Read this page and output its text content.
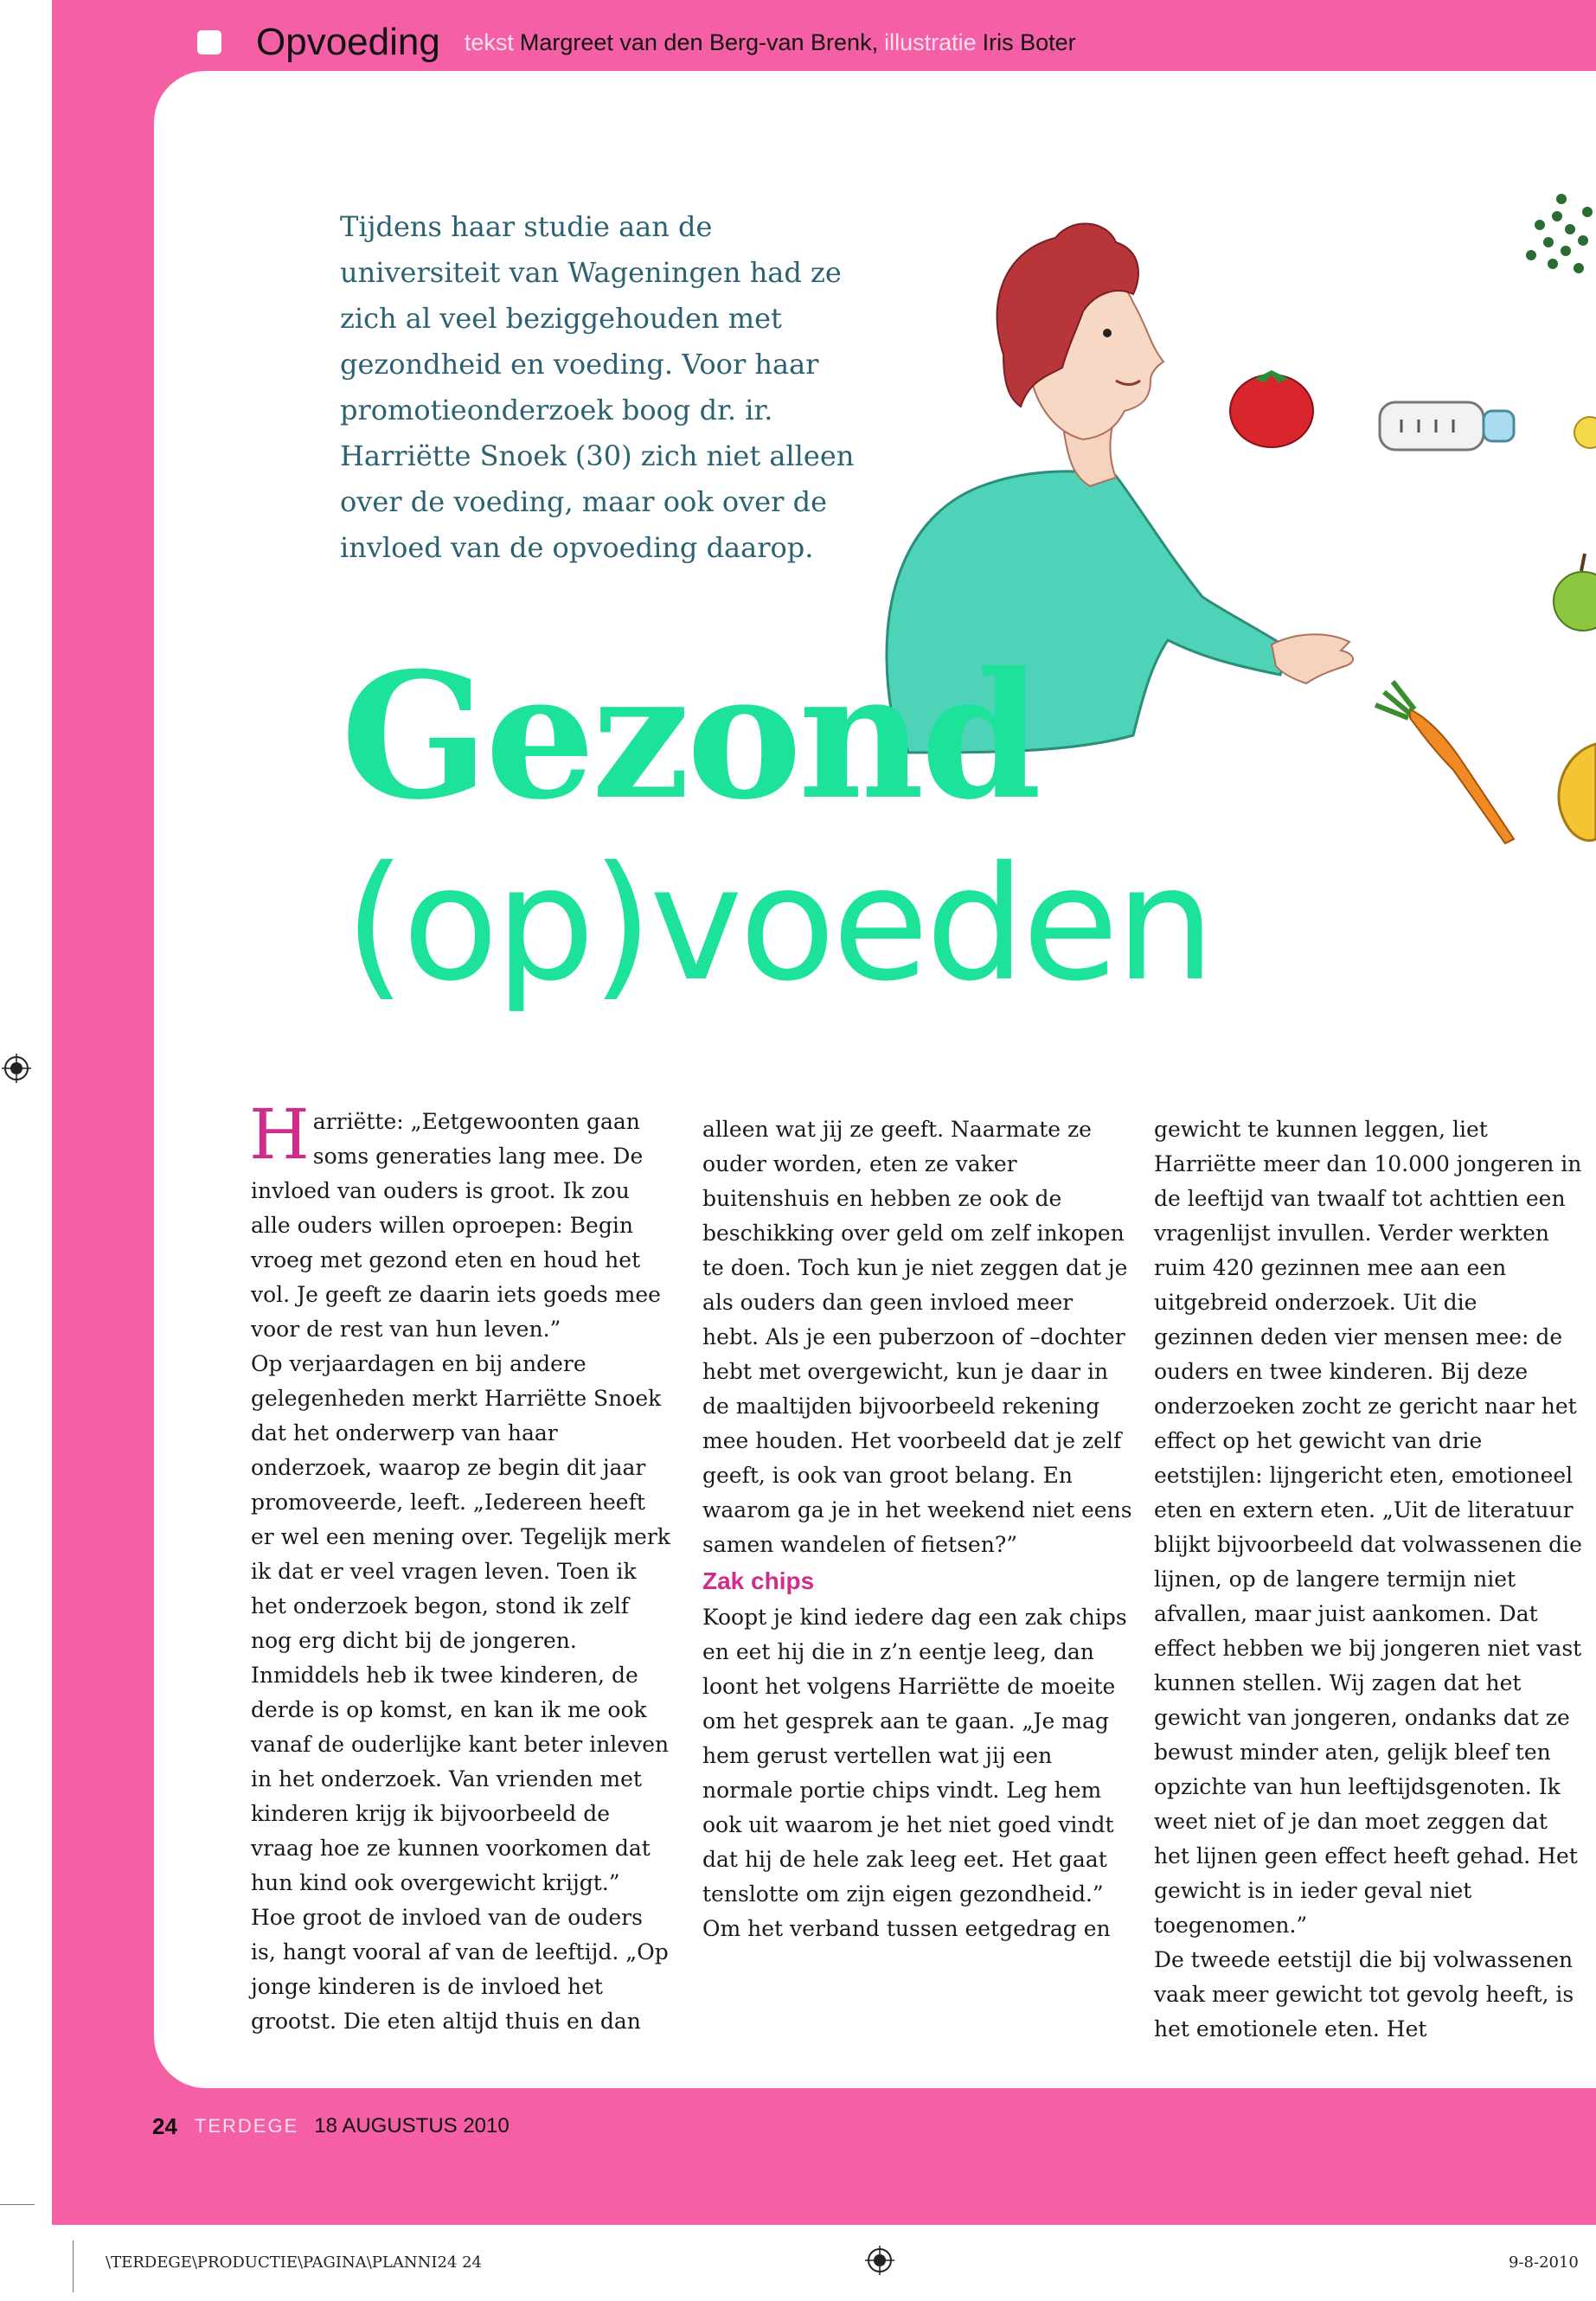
Opvoeding tekst Margreet van den Berg-van Brenk, illustratie Iris Boter
Tijdens haar studie aan de universiteit van Wageningen had ze zich al veel beziggehouden met gezondheid en voeding. Voor haar promotieonderzoek boog dr. ir. Harriëtte Snoek (30) zich niet alleen over de voeding, maar ook over de invloed van de opvoeding daarop.
Gezond
(op)voeden

Harriëtte: „Eetgewoonten gaan soms generaties lang mee. De invloed van ouders is groot. Ik zou alle ouders willen oproepen: Begin vroeg met gezond eten en houd het vol. Je geeft ze daarin iets goeds mee voor de rest van hun leven.”

Op verjaardagen en bij andere gelegenheden merkt Harriëtte Snoek dat het onderwerp van haar onderzoek, waarop ze begin dit jaar promoveerde, leeft. „Iedereen heeft er wel een mening over. Tegelijk merk ik dat er veel vragen leven. Toen ik het onderzoek begon, stond ik zelf nog erg dicht bij de jongeren. Inmiddels heb ik twee kinderen, de derde is op komst, en kan ik me ook vanaf de ouderlijke kant beter inleven in het onderzoek. Van vrienden met kinderen krijg ik bijvoorbeeld de vraag hoe ze kunnen voorkomen dat hun kind ook overgewicht krijgt.”

Hoe groot de invloed van de ouders is, hangt vooral af van de leeftijd. „Op jonge kinderen is de invloed het grootst. Die eten altijd thuis en dan

alleen wat jij ze geeft. Naarmate ze ouder worden, eten ze vaker buitenshuis en hebben ze ook de beschikking over geld om zelf inkopen te doen. Toch kun je niet zeggen dat je als ouders dan geen invloed meer hebt. Als je een puberzoon of –dochter hebt met overgewicht, kun je daar in de maaltijden bijvoorbeeld rekening mee houden. Het voorbeeld dat je zelf geeft, is ook van groot belang. En waarom ga je in het weekend niet eens samen wandelen of fietsen?”

Zak chips

Koopt je kind iedere dag een zak chips en eet hij die in z’n eentje leeg, dan loont het volgens Harriëtte de moeite om het gesprek aan te gaan. „Je mag hem gerust vertellen wat jij een normale portie chips vindt. Leg hem ook uit waarom je het niet goed vindt dat hij de hele zak leeg eet. Het gaat tenslotte om zijn eigen gezondheid.”

Om het verband tussen eetgedrag en

gewicht te kunnen leggen, liet Harriëtte meer dan 10.000 jongeren in de leeftijd van twaalf tot achttien een vragenlijst invullen. Verder werkten ruim 420 gezinnen mee aan een uitgebreid onderzoek. Uit die gezinnen deden vier mensen mee: de ouders en twee kinderen. Bij deze onderzoeken zocht ze gericht naar het effect op het gewicht van drie eetstijlen: lijngericht eten, emotioneel eten en extern eten. „Uit de literatuur blijkt bijvoorbeeld dat volwassenen die lijnen, op de langere termijn niet afvallen, maar juist aankomen. Dat effect hebben we bij jongeren niet vast kunnen stellen. Wij zagen dat het gewicht van jongeren, ondanks dat ze bewust minder aten, gelijk bleef ten opzichte van hun leeftijdsgenoten. Ik weet niet of je dan moet zeggen dat het lijnen geen effect heeft gehad. Het gewicht is in ieder geval niet toegenomen.”

De tweede eetstijl die bij volwassenen vaak meer gewicht tot gevolg heeft, is het emotionele eten. Het

24 TERDEGE 18 AUGUSTUS 2010
\TERDEGE\PRODUCTIE\PAGINA\PLANNI24 24	9-8-2010
